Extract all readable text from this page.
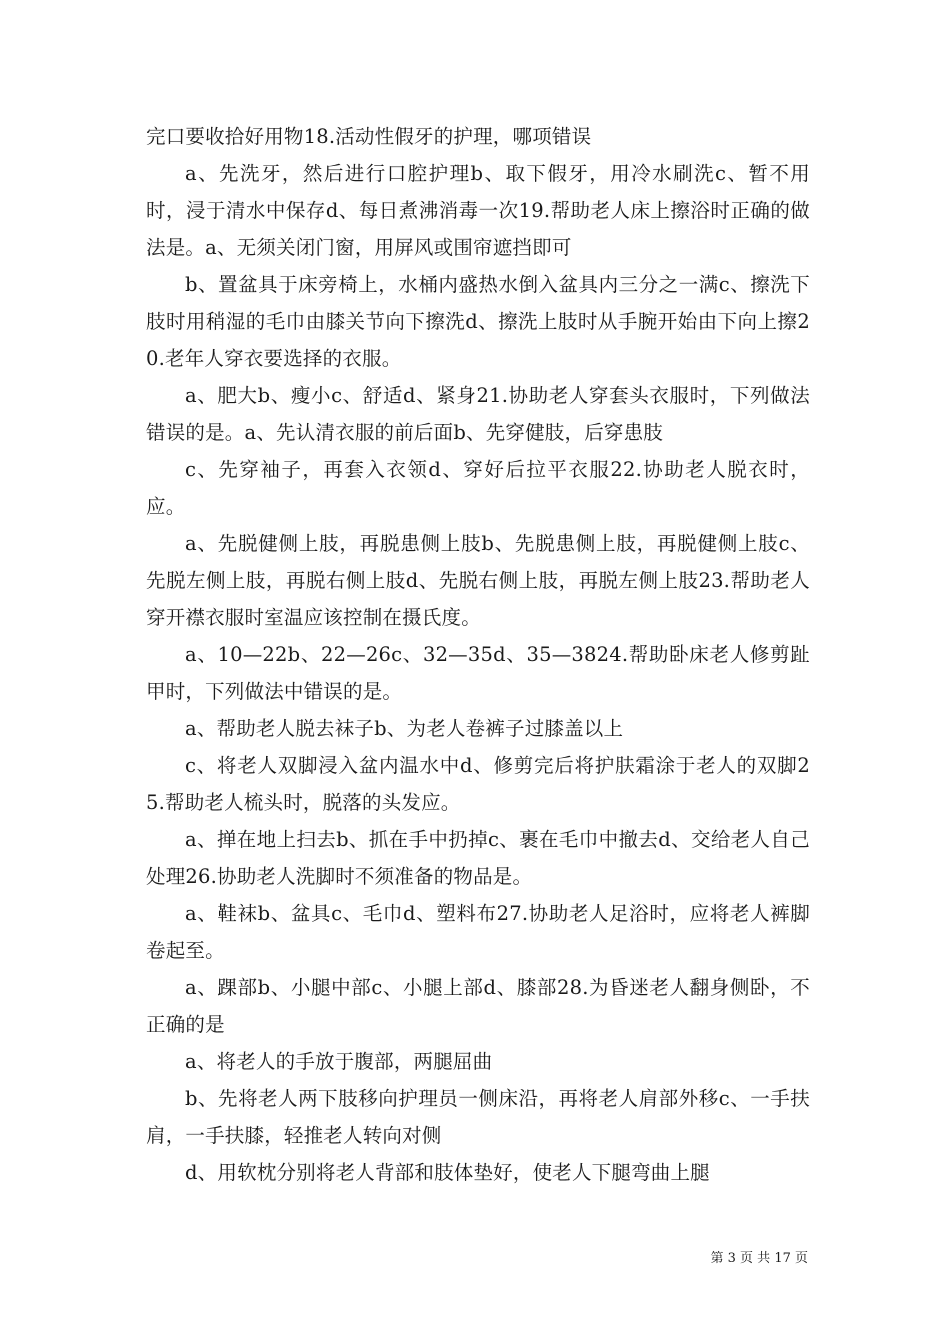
完口要收拾好用物18.活动性假牙的护理，哪项错误

a、先洗牙，然后进行口腔护理b、取下假牙，用冷水刷洗c、暂不用时，浸于清水中保存d、每日煮沸消毒一次19.帮助老人床上擦浴时正确的做法是。a、无须关闭门窗，用屏风或围帘遮挡即可

b、置盆具于床旁椅上，水桶内盛热水倒入盆具内三分之一满c、擦洗下肢时用稍湿的毛巾由膝关节向下擦洗d、擦洗上肢时从手腕开始由下向上擦20.老年人穿衣要选择的衣服。

a、肥大b、瘦小c、舒适d、紧身21.协助老人穿套头衣服时，下列做法错误的是。a、先认清衣服的前后面b、先穿健肢，后穿患肢

c、先穿袖子，再套入衣领d、穿好后拉平衣服22.协助老人脱衣时，应。

a、先脱健侧上肢，再脱患侧上肢b、先脱患侧上肢，再脱健侧上肢c、先脱左侧上肢，再脱右侧上肢d、先脱右侧上肢，再脱左侧上肢23.帮助老人穿开襟衣服时室温应该控制在摄氏度。

a、10—22b、22—26c、32—35d、35—3824.帮助卧床老人修剪趾甲时，下列做法中错误的是。

a、帮助老人脱去袜子b、为老人卷裤子过膝盖以上

c、将老人双脚浸入盆内温水中d、修剪完后将护肤霜涂于老人的双脚25.帮助老人梳头时，脱落的头发应。

a、掸在地上扫去b、抓在手中扔掉c、裹在毛巾中撤去d、交给老人自己处理26.协助老人洗脚时不须准备的物品是。

a、鞋袜b、盆具c、毛巾d、塑料布27.协助老人足浴时，应将老人裤脚卷起至。

a、踝部b、小腿中部c、小腿上部d、膝部28.为昏迷老人翻身侧卧，不正确的是

a、将老人的手放于腹部，两腿屈曲

b、先将老人两下肢移向护理员一侧床沿，再将老人肩部外移c、一手扶肩，一手扶膝，轻推老人转向对侧

d、用软枕分别将老人背部和肢体垫好，使老人下腿弯曲上腿

第 3 页 共 17 页
